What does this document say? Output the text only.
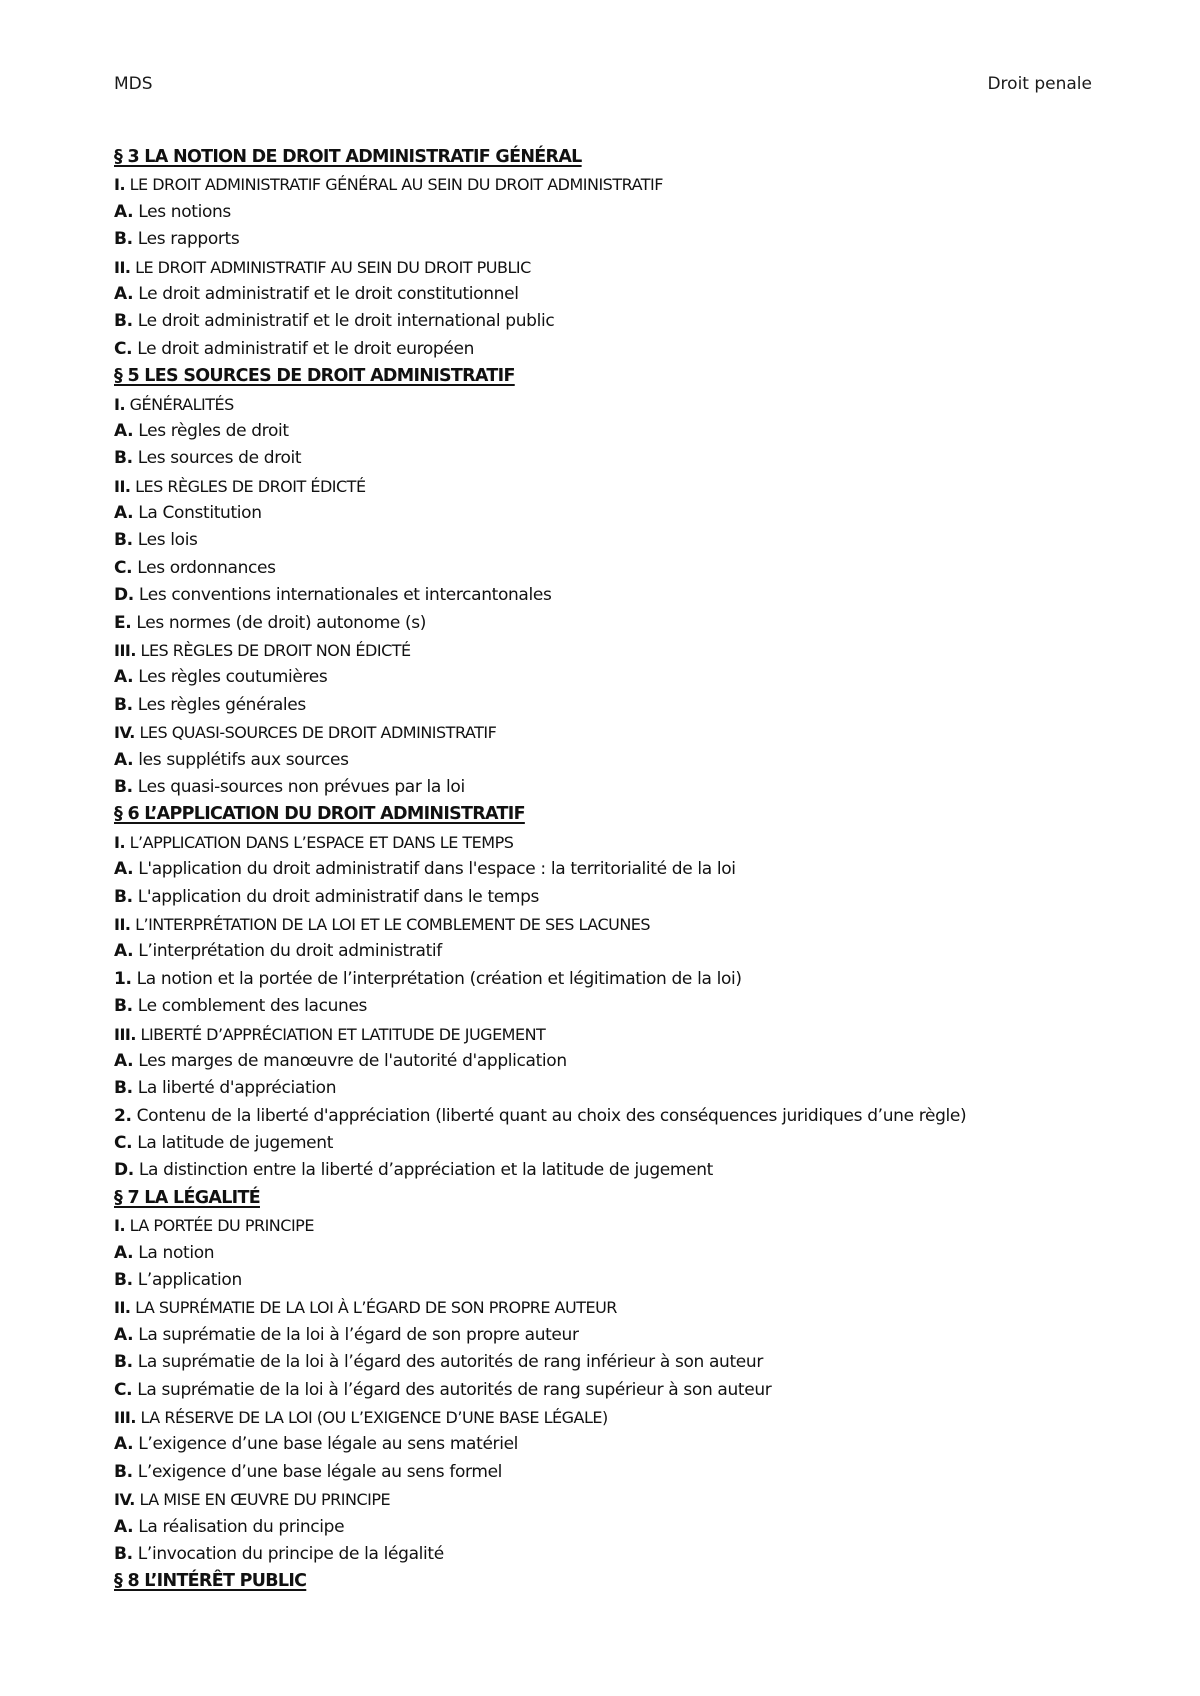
MDS	Droit penale
§ 3 LA NOTION DE DROIT ADMINISTRATIF GÉNÉRAL
I. LE DROIT ADMINISTRATIF GÉNÉRAL AU SEIN DU DROIT ADMINISTRATIF
A. Les notions
B. Les rapports
II. LE DROIT ADMINISTRATIF AU SEIN DU DROIT PUBLIC
A. Le droit administratif et le droit constitutionnel
B. Le droit administratif et le droit international public
C. Le droit administratif et le droit européen
§ 5 LES SOURCES DE DROIT ADMINISTRATIF
I. GÉNÉRALITÉS
A. Les règles de droit
B. Les sources de droit
II. LES RÈGLES DE DROIT ÉDICTÉ
A. La Constitution
B. Les lois
C. Les ordonnances
D. Les conventions internationales et intercantonales
E. Les normes (de droit) autonome (s)
III. LES RÈGLES DE DROIT NON ÉDICTÉ
A. Les règles coutumières
B. Les règles générales
IV. LES QUASI-SOURCES DE DROIT ADMINISTRATIF
A. les supplétifs aux sources
B. Les quasi-sources non prévues par la loi
§ 6 L’APPLICATION DU DROIT ADMINISTRATIF
I. L’APPLICATION DANS L’ESPACE ET DANS LE TEMPS
A. L'application du droit administratif dans l'espace : la territorialité de la loi
B. L'application du droit administratif dans le temps
II. L’INTERPRÉTATION DE LA LOI ET LE COMBLEMENT DE SES LACUNES
A. L’interprétation du droit administratif
1. La notion et la portée de l’interprétation (création et légitimation de la loi)
B. Le comblement des lacunes
III. LIBERTÉ D’APPRÉCIATION ET LATITUDE DE JUGEMENT
A. Les marges de manœuvre de l'autorité d'application
B. La liberté d'appréciation
2. Contenu de la liberté d'appréciation (liberté quant au choix des conséquences juridiques d’une règle)
C. La latitude de jugement
D. La distinction entre la liberté d’appréciation et la latitude de jugement
§ 7 LA LÉGALITÉ
I. LA PORTÉE DU PRINCIPE
A. La notion
B. L’application
II. LA SUPRÉMATIE DE LA LOI À L’ÉGARD DE SON PROPRE AUTEUR
A. La suprématie de la loi à l’égard de son propre auteur
B. La suprématie de la loi à l’égard des autorités de rang inférieur à son auteur
C. La suprématie de la loi à l’égard des autorités de rang supérieur à son auteur
III. LA RÉSERVE DE LA LOI (OU L’EXIGENCE D’UNE BASE LÉGALE)
A. L’exigence d’une base légale au sens matériel
B. L’exigence d’une base légale au sens formel
IV. LA MISE EN ŒUVRE DU PRINCIPE
A. La réalisation du principe
B. L’invocation du principe de la légalité
§ 8 L’INTÉRÊT PUBLIC
